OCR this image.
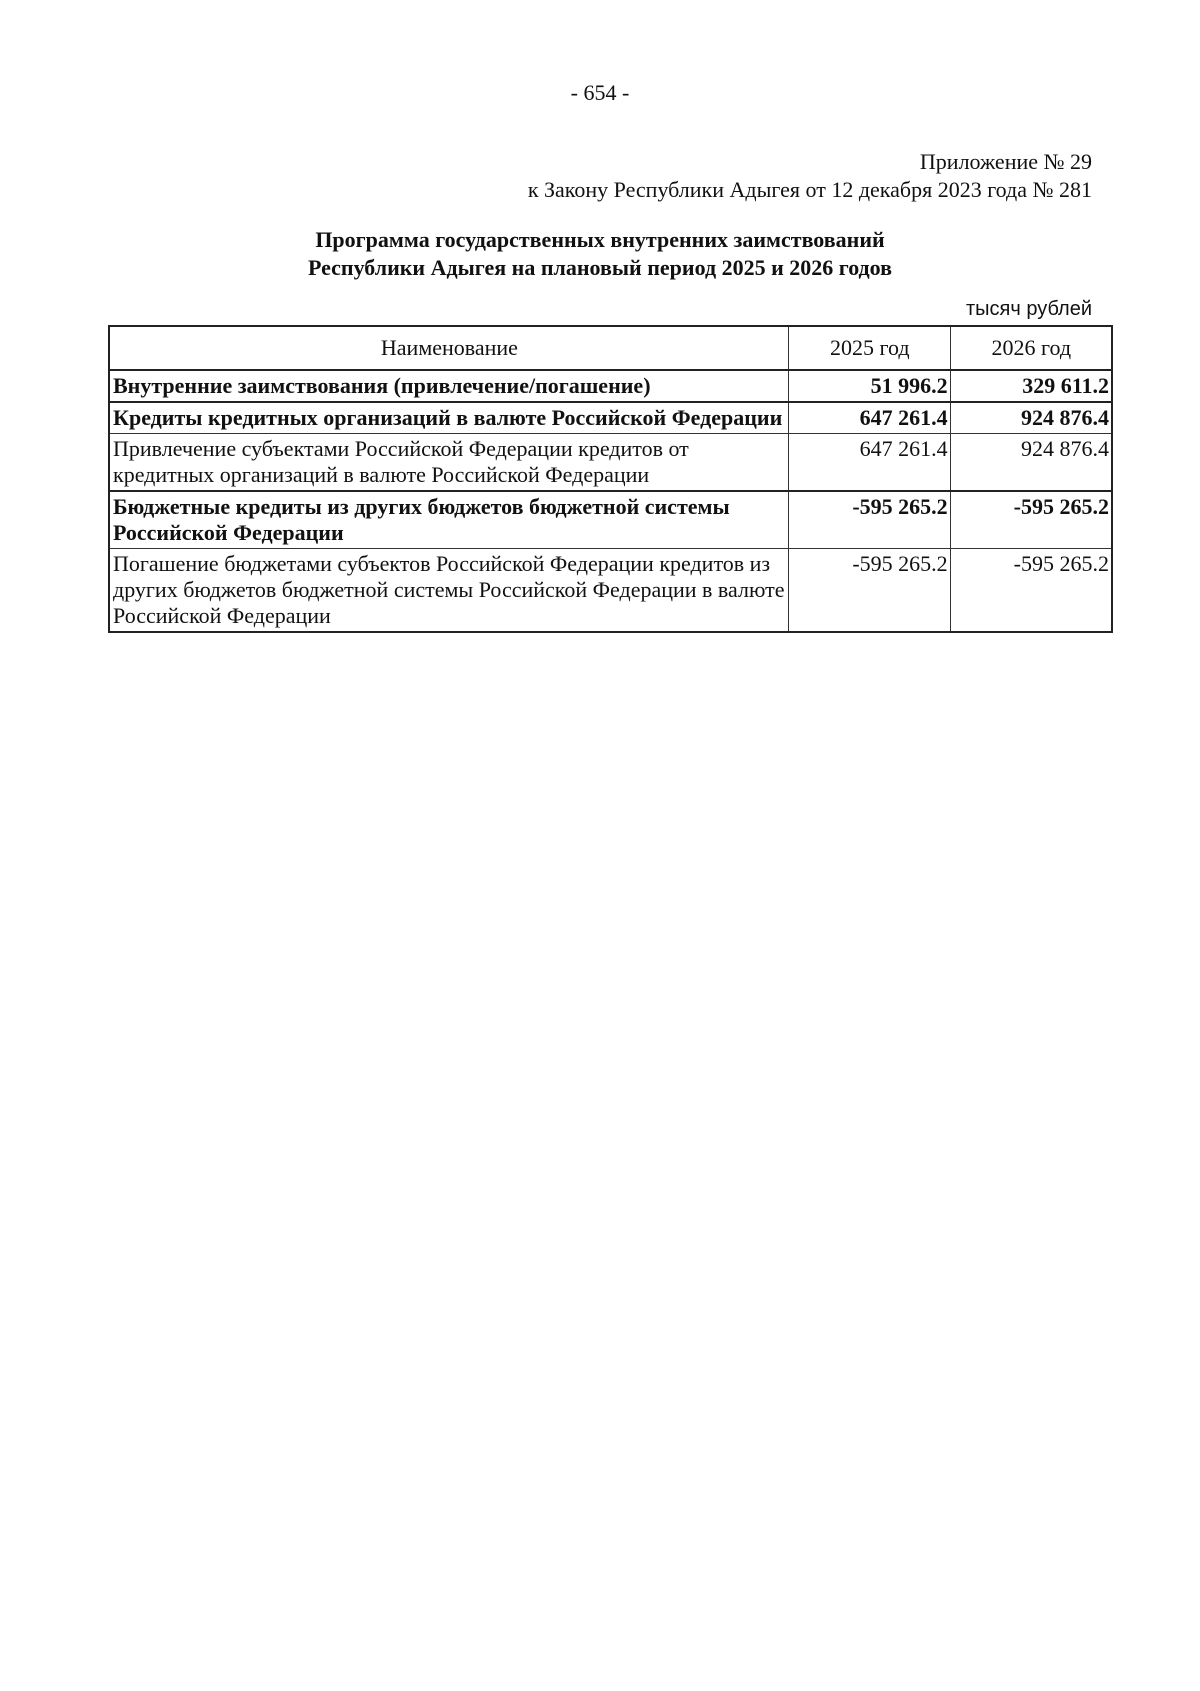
- 654 -
Приложение № 29
к Закону Республики Адыгея от 12 декабря 2023 года № 281
Программа государственных внутренних заимствований
Республики Адыгея на плановый период 2025 и 2026 годов
тысяч рублей
Наименование	2025 год	2026 год
Внутренние заимствования (привлечение/погашение)	51 996.2	329 611.2
Кредиты кредитных организаций в валюте Российской Федерации	647 261.4	924 876.4
Привлечение субъектами Российской Федерации кредитов от кредитных организаций в валюте Российской Федерации	647 261.4	924 876.4
Бюджетные кредиты из других бюджетов бюджетной системы Российской Федерации	-595 265.2	-595 265.2
Погашение бюджетами субъектов Российской Федерации кредитов из других бюджетов бюджетной системы Российской Федерации в валюте Российской Федерации	-595 265.2	-595 265.2
